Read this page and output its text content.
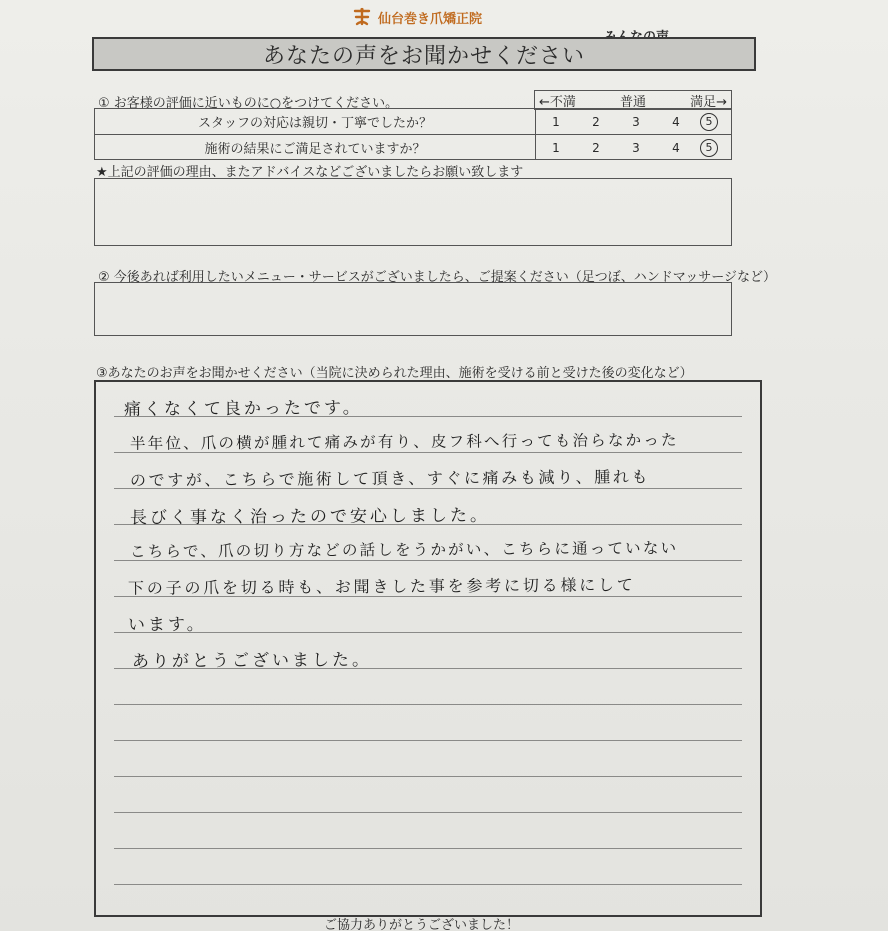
仙台巻き爪矯正院
あなたの声をお聞かせください
① お客様の評価に近いものに○をつけてください。	←不満	普通	満足→
スタッフの対応は親切・丁寧でしたか？	1	2	3	4	5
施術の結果にご満足されていますか？	1	2	3	4	5
★上記の評価の理由、またアドバイスなどございましたらお願い致します
② 今後あれば利用したいメニュー・サービスがございましたら、ご提案ください（足つぼ、ハンドマッサージなど）
③あなたのお声をお聞かせください（当院に決められた理由、施術を受ける前と受けた後の変化など）
痛くなくて良かったです。
半年位、爪の横が腫れて痛みが有り、皮フ科へ行っても治らなかった
のですが、こちらで施術して頂き、すぐに痛みも減り、腫れも
長びく事なく治ったので安心しました。
こちらで、爪の切り方などの話しをうかがい、こちらに通っていない
下の子の爪を切る時も、お聞きした事を参考に切る様にして
います。
ありがとうございました。
ご協力ありがとうございました！
